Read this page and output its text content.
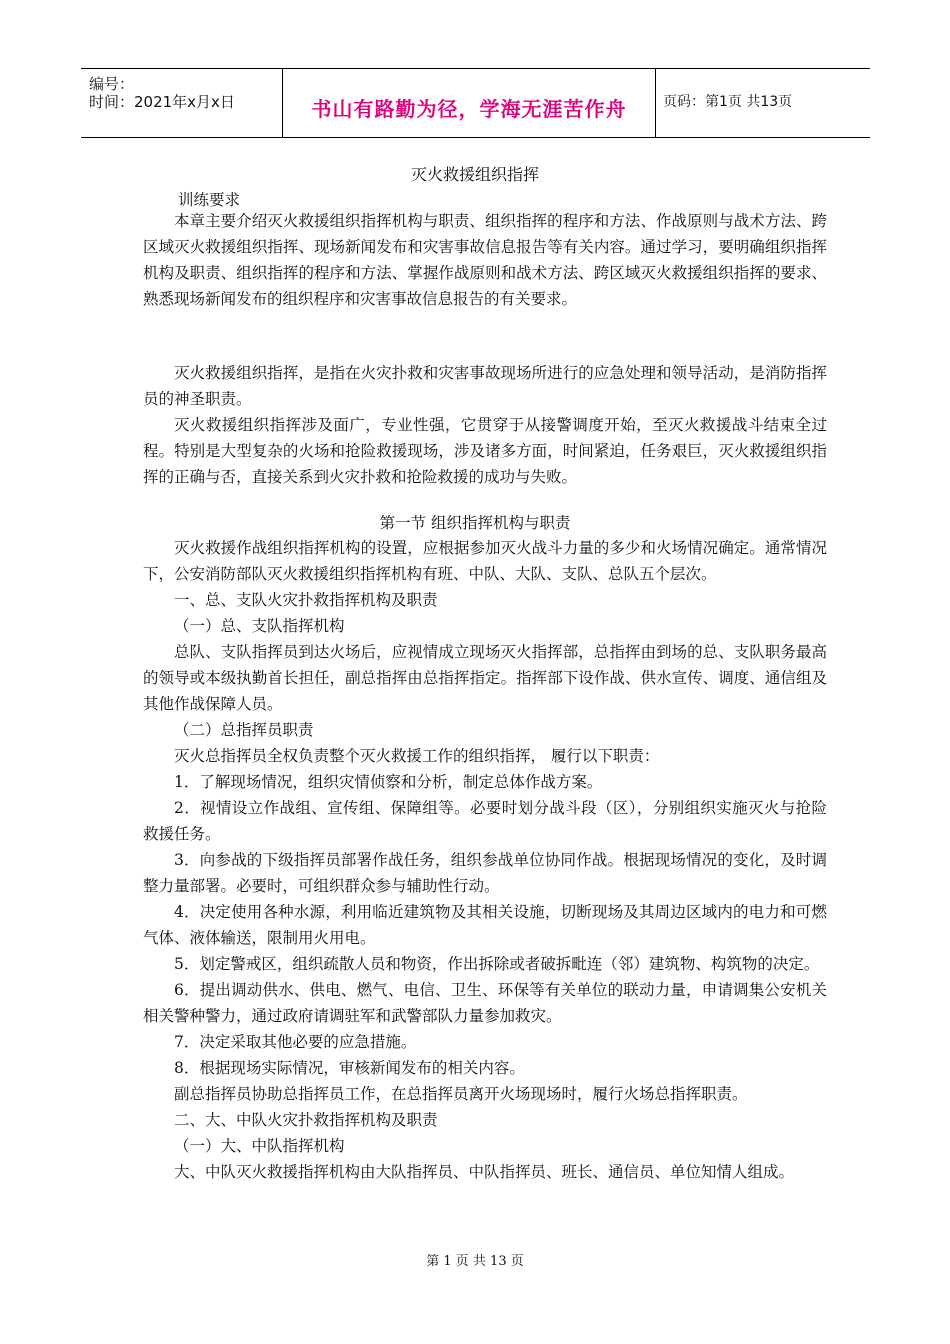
编号：
时间：2021年x月x日	书山有路勤为径，学海无涯苦作舟	页码：第1页 共13页
灭火救援组织指挥
训练要求

本章主要介绍灭火救援组织指挥机构与职责、组织指挥的程序和方法、作战原则与战术方法、跨区域灭火救援组织指挥、现场新闻发布和灾害事故信息报告等有关内容。通过学习，要明确组织指挥机构及职责、组织指挥的程序和方法、掌握作战原则和战术方法、跨区域灭火救援组织指挥的要求、熟悉现场新闻发布的组织程序和灾害事故信息报告的有关要求。

灭火救援组织指挥，是指在火灾扑救和灾害事故现场所进行的应急处理和领导活动，是消防指挥员的神圣职责。

灭火救援组织指挥涉及面广，专业性强，它贯穿于从接警调度开始，至灭火救援战斗结束全过程。特别是大型复杂的火场和抢险救援现场，涉及诸多方面，时间紧迫，任务艰巨，灭火救援组织指挥的正确与否，直接关系到火灾扑救和抢险救援的成功与失败。

第一节 组织指挥机构与职责

灭火救援作战组织指挥机构的设置，应根据参加灭火战斗力量的多少和火场情况确定。通常情况下，公安消防部队灭火救援组织指挥机构有班、中队、大队、支队、总队五个层次。

一、总、支队火灾扑救指挥机构及职责

（一）总、支队指挥机构

总队、支队指挥员到达火场后，应视情成立现场灭火指挥部，总指挥由到场的总、支队职务最高的领导或本级执勤首长担任，副总指挥由总指挥指定。指挥部下设作战、供水宣传、调度、通信组及其他作战保障人员。

（二）总指挥员职责

灭火总指挥员全权负责整个灭火救援工作的组织指挥， 履行以下职责：

1．了解现场情况，组织灾情侦察和分析，制定总体作战方案。

2．视情设立作战组、宣传组、保障组等。必要时划分战斗段（区），分别组织实施灭火与抢险救援任务。

3．向参战的下级指挥员部署作战任务，组织参战单位协同作战。根据现场情况的变化，及时调整力量部署。必要时，可组织群众参与辅助性行动。

4．决定使用各种水源，利用临近建筑物及其相关设施，切断现场及其周边区域内的电力和可燃气体、液体输送，限制用火用电。

5．划定警戒区，组织疏散人员和物资，作出拆除或者破拆毗连（邻）建筑物、构筑物的决定。

6．提出调动供水、供电、燃气、电信、卫生、环保等有关单位的联动力量，申请调集公安机关相关警种警力，通过政府请调驻军和武警部队力量参加救灾。

7．决定采取其他必要的应急措施。

8．根据现场实际情况，审核新闻发布的相关内容。

副总指挥员协助总指挥员工作，在总指挥员离开火场现场时，履行火场总指挥职责。

二、大、中队火灾扑救指挥机构及职责

（一）大、中队指挥机构

大、中队灭火救援指挥机构由大队指挥员、中队指挥员、班长、通信员、单位知情人组成。

第 1 页 共 13 页
